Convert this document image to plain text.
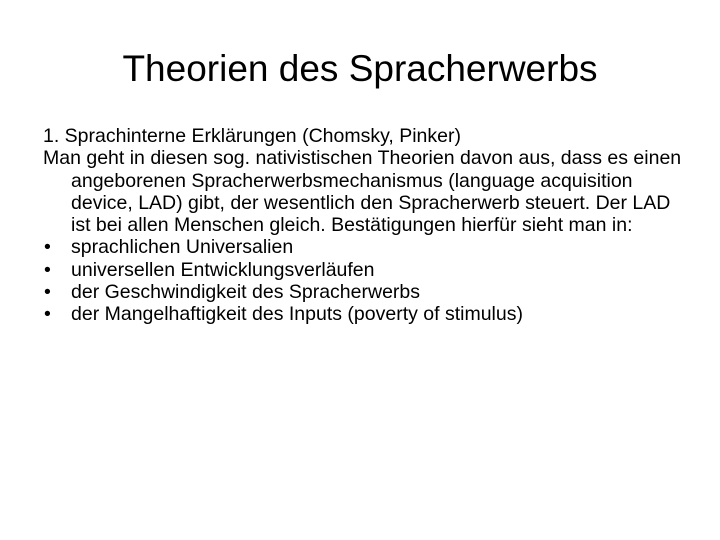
Theorien des Spracherwerbs

1. Sprachinterne Erklärungen (Chomsky, Pinker)

Man geht in diesen sog. nativistischen Theorien davon aus, dass es einen angeborenen Spracherwerbsmechanismus (language acquisition device, LAD) gibt, der wesentlich den Spracherwerb steuert. Der LAD ist bei allen Menschen gleich. Bestätigungen hierfür sieht man in:

• sprachlichen Universalien
• universellen Entwicklungsverläufen
• der Geschwindigkeit des Spracherwerbs
• der Mangelhaftigkeit des Inputs (poverty of stimulus)
